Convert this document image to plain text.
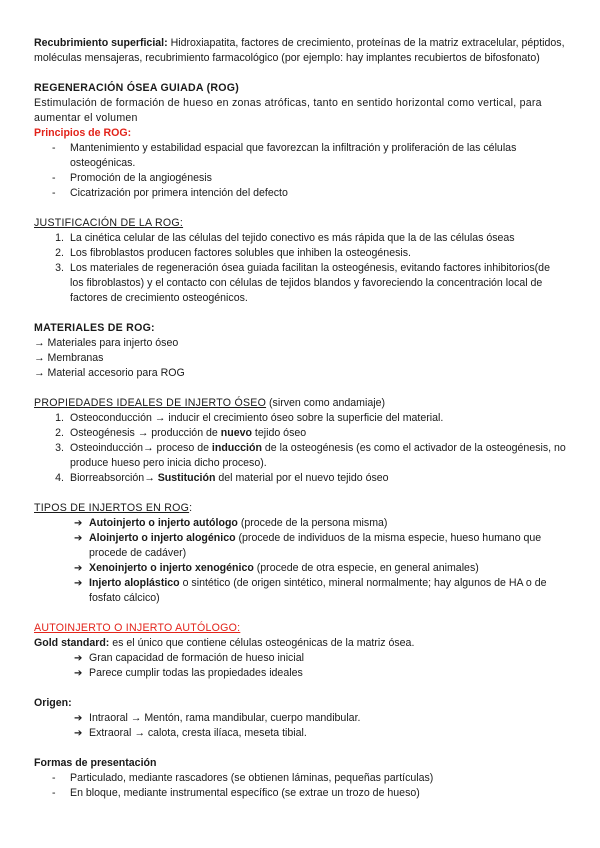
Recubrimiento superficial: Hidroxiapatita, factores de crecimiento, proteínas de la matriz extracelular, péptidos, moléculas mensajeras, recubrimiento farmacológico (por ejemplo: hay implantes recubiertos de bifosfonato)

REGENERACIÓN ÓSEA GUIADA (ROG)

Estimulación de formación de hueso en zonas atróficas, tanto en sentido horizontal como vertical, para aumentar el volumen

Principios de ROG:

-	Mantenimiento y estabilidad espacial que favorezcan la infiltración y proliferación de las células osteogénicas.
-	Promoción de la angiogénesis
-	Cicatrización por primera intención del defecto

JUSTIFICACIÓN DE LA ROG:

1. La cinética celular de las células del tejido conectivo es más rápida que la de las células óseas
2. Los fibroblastos producen factores solubles que inhiben la osteogénesis.
3. Los materiales de regeneración ósea guiada facilitan la osteogénesis, evitando factores inhibitorios(de los fibroblastos) y el contacto con células de tejidos blandos y favoreciendo la concentración local de factores de crecimiento osteogénicos.

MATERIALES DE ROG:

→ Materiales para injerto óseo

→ Membranas

→ Material accesorio para ROG

PROPIEDADES IDEALES DE INJERTO ÓSEO (sirven como andamiaje)

1. Osteoconducción → inducir el crecimiento óseo sobre la superficie del material.
2. Osteogénesis → producción de nuevo tejido óseo
3. Osteoinducción→ proceso de inducción de la osteogénesis (es como el activador de la osteogénesis, no produce hueso pero inicia dicho proceso).
4. Biorreabsorción→ Sustitución del material por el nuevo tejido óseo

TIPOS DE INJERTOS EN ROG:

➔ Autoinjerto o injerto autólogo (procede de la persona misma)
➔ Aloinjerto o injerto alogénico (procede de individuos de la misma especie, hueso humano que procede de cadáver)
➔ Xenoinjerto o injerto xenogénico (procede de otra especie, en general animales)
➔ Injerto aloplástico o sintético (de origen sintético, mineral normalmente; hay algunos de HA o de fosfato cálcico)

AUTOINJERTO O INJERTO AUTÓLOGO:

Gold standard: es el único que contiene células osteogénicas de la matriz ósea.

➔ Gran capacidad de formación de hueso inicial
➔ Parece cumplir todas las propiedades ideales

Origen:

➔ Intraoral → Mentón, rama mandibular, cuerpo mandibular.
➔ Extraoral → calota, cresta ilíaca, meseta tibial.

Formas de presentación

-	Particulado, mediante rascadores (se obtienen láminas, pequeñas partículas)
-	En bloque, mediante instrumental específico (se extrae un trozo de hueso)
